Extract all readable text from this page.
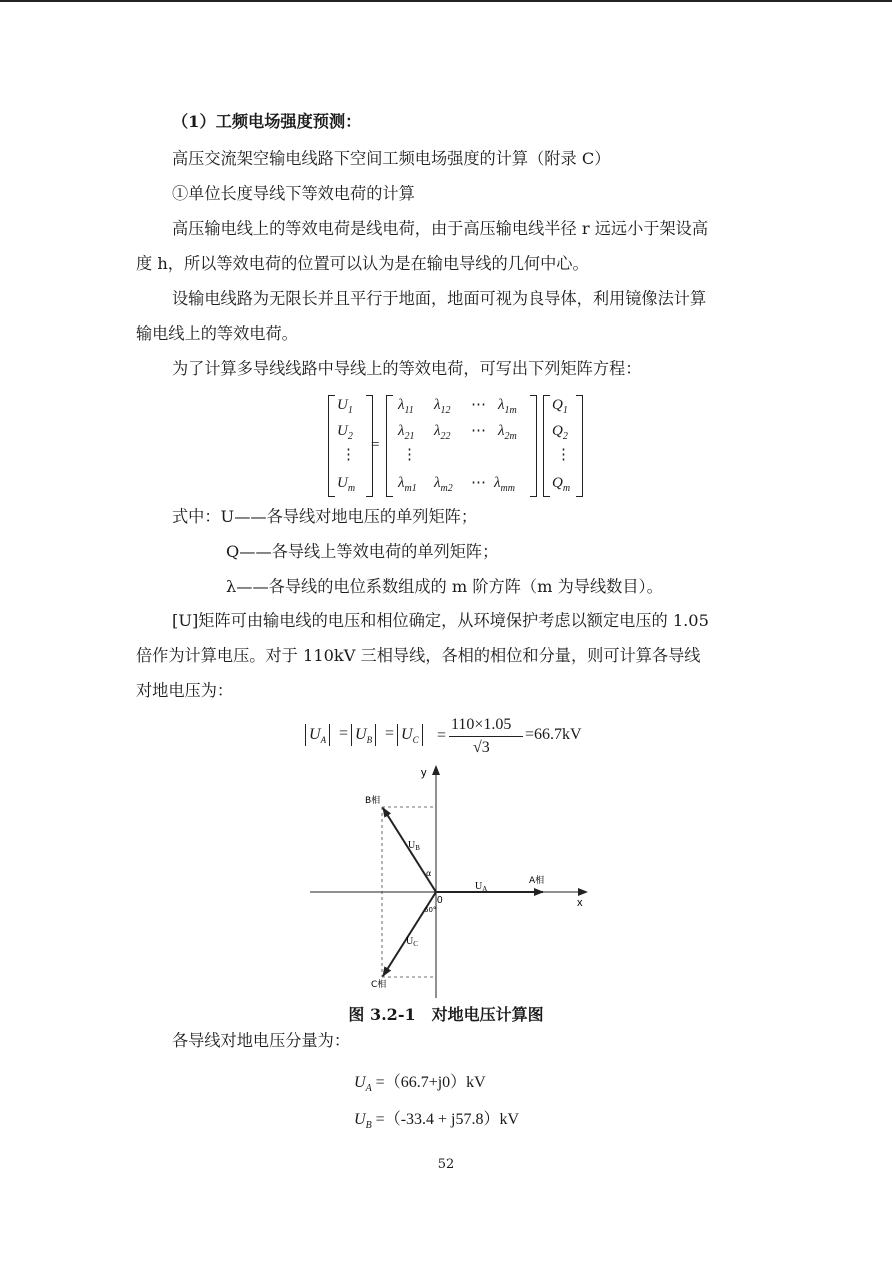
（1）工频电场强度预测：
高压交流架空输电线路下空间工频电场强度的计算（附录 C）
①单位长度导线下等效电荷的计算
高压输电线上的等效电荷是线电荷，由于高压输电线半径 r 远远小于架设高
度 h，所以等效电荷的位置可以认为是在输电导线的几何中心。
设输电线路为无限长并且平行于地面，地面可视为良导体，利用镜像法计算
输电线上的等效电荷。
为了计算多导线线路中导线上的等效电荷，可写出下列矩阵方程：
$U_1$
$U_2$
⋮
$U_m$
=
$\lambda_{11}$ $\lambda_{12}$ ⋯ $\lambda_{1m}$
$\lambda_{21}$ $\lambda_{22}$ ⋯ $\lambda_{2m}$
⋮
$\lambda_{m1}$ $\lambda_{m2}$ ⋯ $\lambda_{mm}$
$Q_1$
$Q_2$
⋮
$Q_m$
式中：U——各导线对地电压的单列矩阵；
Q——各导线上等效电荷的单列矩阵；
λ——各导线的电位系数组成的 m 阶方阵（m 为导线数目）。
[U]矩阵可由输电线的电压和相位确定，从环境保护考虑以额定电压的 1.05
倍作为计算电压。对于 110kV 三相导线，各相的相位和分量，则可计算各导线
对地电压为：
$U_A = U_B = U_C$ =
110×1.05
√3
=66.7kV
y
x
0
B相
A相
C相
$U_B$
$U_A$
$U_C$
α
60°
图 3.2-1　对地电压计算图
各导线对地电压分量为：
$U_A =(66.7+j0)kV$
$U_B =(-33.4 + j57.8)kV$
52
